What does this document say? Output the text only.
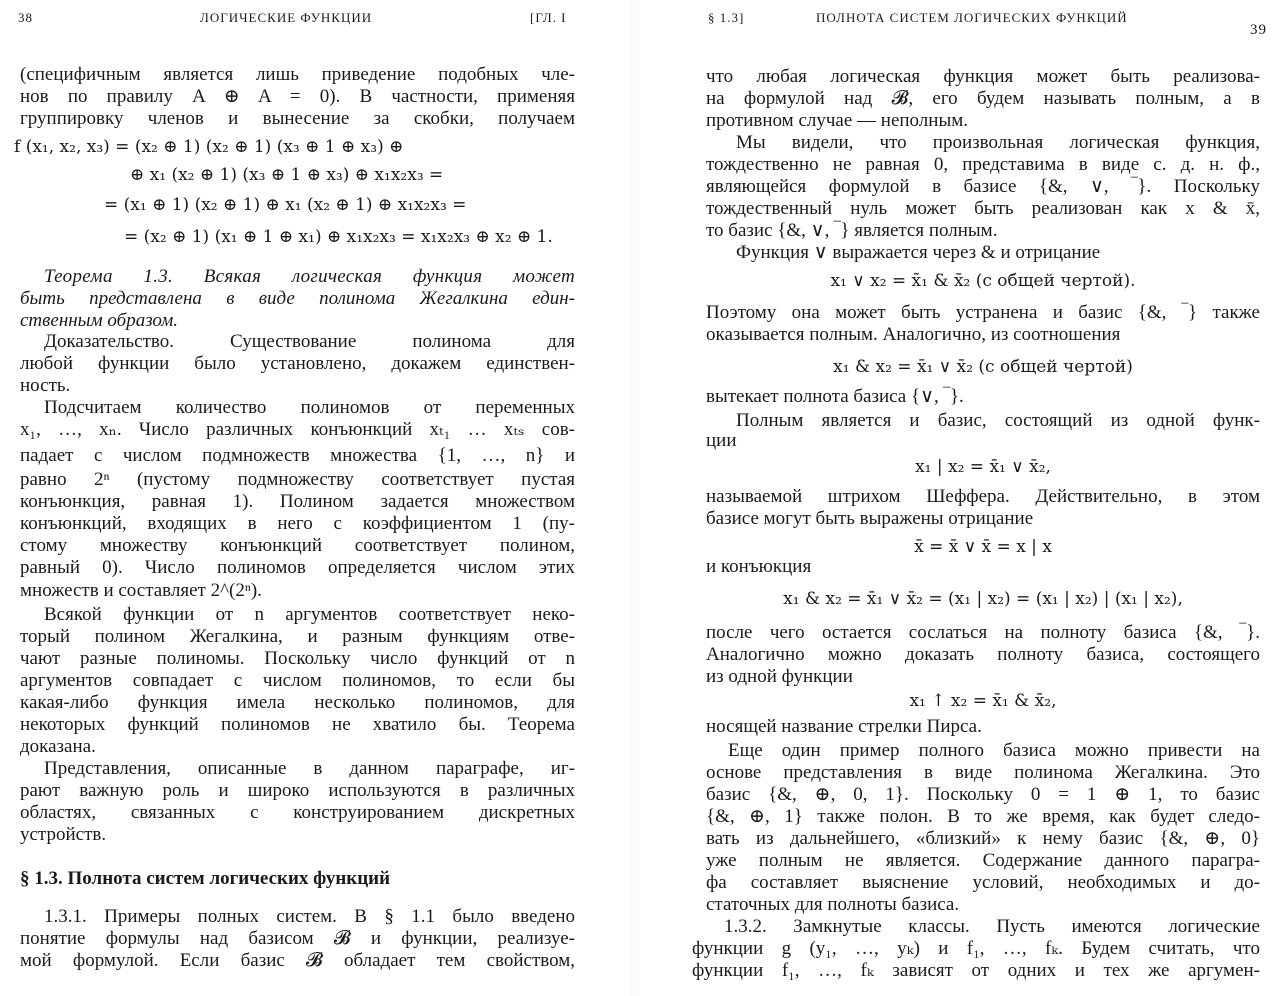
38	ЛОГИЧЕСКИЕ ФУНКЦИИ	[ГЛ. I
(специфичным является лишь приведение подобных чле-
нов по правилу A ⊕ A = 0). В частности, применяя
группировку членов и вынесение за скобки, получаем
f (x₁, x₂, x₃) = (x₂ ⊕ 1) (x₂ ⊕ 1) (x₃ ⊕ 1 ⊕ x₃) ⊕
⊕ x₁ (x₂ ⊕ 1) (x₃ ⊕ 1 ⊕ x₃) ⊕ x₁x₂x₃ =
= (x₁ ⊕ 1) (x₂ ⊕ 1) ⊕ x₁ (x₂ ⊕ 1) ⊕ x₁x₂x₃ =
= (x₂ ⊕ 1) (x₁ ⊕ 1 ⊕ x₁) ⊕ x₁x₂x₃ = x₁x₂x₃ ⊕ x₂ ⊕ 1.
Теорема 1.3. Всякая логическая функция может
быть представлена в виде полинома Жегалкина един-
ственным образом.
Доказательство. Существование полинома для
любой функции было установлено, докажем единствен-
ность.
Подсчитаем количество полиномов от переменных
x₁, …, xₙ. Число различных конъюнкций xₜ₁ … xₜₛ сов-
падает с числом подмножеств множества {1, …, n} и
равно 2ⁿ (пустому подмножеству соответствует пустая
конъюнкция, равная 1). Полином задается множеством
конъюнкций, входящих в него с коэффициентом 1 (пу-
стому множеству конъюнкций соответствует полином,
равный 0). Число полиномов определяется числом этих
множеств и составляет 2^(2ⁿ).
Всякой функции от n аргументов соответствует неко-
торый полином Жегалкина, и разным функциям отве-
чают разные полиномы. Поскольку число функций от n
аргументов совпадает с числом полиномов, то если бы
какая-либо функция имела несколько полиномов, для
некоторых функций полиномов не хватило бы. Теорема
доказана.
Представления, описанные в данном параграфе, иг-
рают важную роль и широко используются в различных
областях, связанных с конструированием дискретных
устройств.
§ 1.3. Полнота систем логических функций
1.3.1. Примеры полных систем. В § 1.1 было введено
понятие формулы над базисом 𝓑 и функции, реализуе-
мой формулой. Если базис 𝓑 обладает тем свойством,
§ 1.3]	ПОЛНОТА СИСТЕМ ЛОГИЧЕСКИХ ФУНКЦИЙ
39
что любая логическая функция может быть реализова-
на формулой над 𝓑, его будем называть полным, а в
противном случае — неполным.
Мы видели, что произвольная логическая функция,
тождественно не равная 0, представима в виде с. д. н. ф.,
являющейся формулой в базисе {&, ∨, ‾}. Поскольку
тождественный нуль может быть реализован как x & x̄,
то базис {&, ∨, ‾} является полным.
Функция ∨ выражается через & и отрицание
x₁ ∨ x₂ = x̄₁ & x̄₂ (с общей чертой).
Поэтому она может быть устранена и базис {&, ‾} также
оказывается полным. Аналогично, из соотношения
x₁ & x₂ = x̄₁ ∨ x̄₂ (с общей чертой)
вытекает полнота базиса {∨, ‾}.
Полным является и базис, состоящий из одной функ-
ции
x₁ | x₂ = x̄₁ ∨ x̄₂,
называемой штрихом Шеффера. Действительно, в этом
базисе могут быть выражены отрицание
x̄ = x̄ ∨ x̄ = x | x
и конъюкция
x₁ & x₂ = x̄₁ ∨ x̄₂ = (x₁ | x₂) = (x₁ | x₂) | (x₁ | x₂),
после чего остается сослаться на полноту базиса {&, ‾}.
Аналогично можно доказать полноту базиса, состоящего
из одной функции
x₁ ↑ x₂ = x̄₁ & x̄₂,
носящей название стрелки Пирса.
Еще один пример полного базиса можно привести на
основе представления в виде полинома Жегалкина. Это
базис {&, ⊕, 0, 1}. Поскольку 0 = 1 ⊕ 1, то базис
{&, ⊕, 1} также полон. В то же время, как будет следо-
вать из дальнейшего, «близкий» к нему базис {&, ⊕, 0}
уже полным не является. Содержание данного парагра-
фа составляет выяснение условий, необходимых и до-
статочных для полноты базиса.
1.3.2. Замкнутые классы. Пусть имеются логические
функции g (y₁, …, yₖ) и f₁, …, fₖ. Будем считать, что
функции f₁, …, fₖ зависят от одних и тех же аргумен-
